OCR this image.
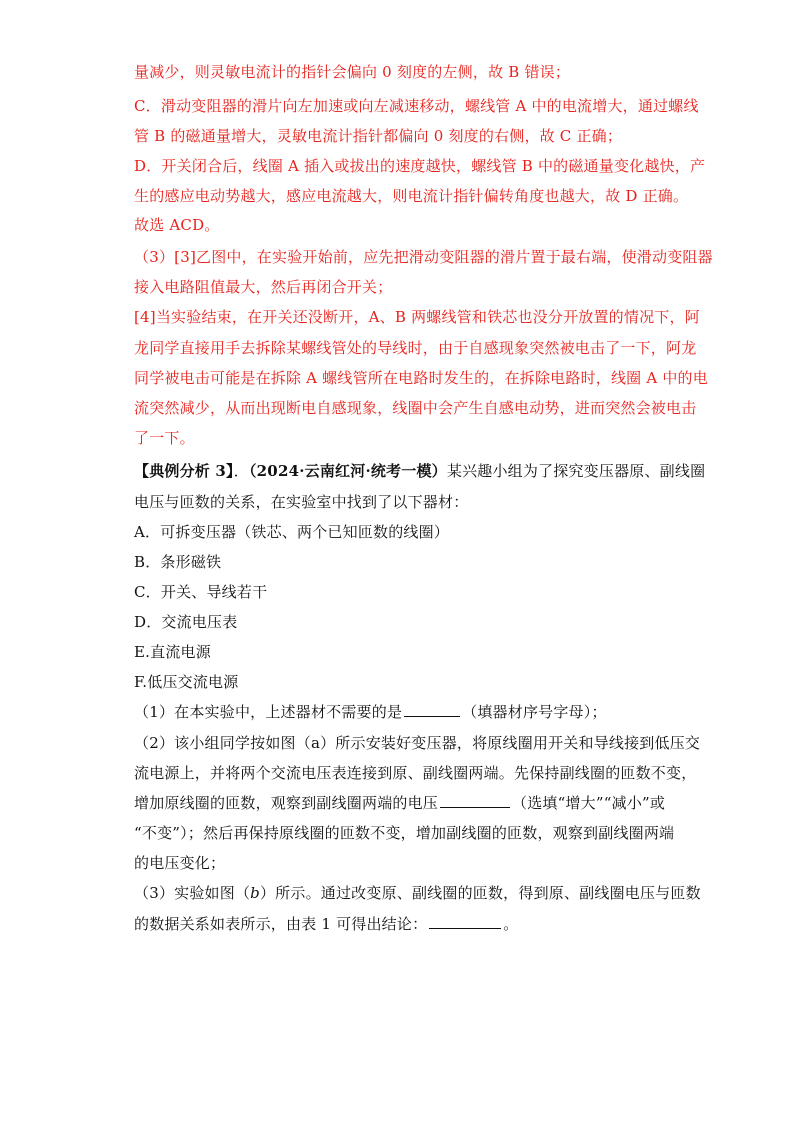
量减少，则灵敏电流计的指针会偏向 0 刻度的左侧，故 B 错误；
C．滑动变阻器的滑片向左加速或向左减速移动，螺线管 A 中的电流增大，通过螺线
管 B 的磁通量增大，灵敏电流计指针都偏向 0 刻度的右侧，故 C 正确；
D．开关闭合后，线圈 A 插入或拔出的速度越快，螺线管 B 中的磁通量变化越快，产
生的感应电动势越大，感应电流越大，则电流计指针偏转角度也越大，故 D 正确。
故选 ACD。
（3）[3]乙图中，在实验开始前，应先把滑动变阻器的滑片置于最右端，使滑动变阻器
接入电路阻值最大，然后再闭合开关；
[4]当实验结束，在开关还没断开，A、B 两螺线管和铁芯也没分开放置的情况下，阿
龙同学直接用手去拆除某螺线管处的导线时，由于自感现象突然被电击了一下，阿龙
同学被电击可能是在拆除 A 螺线管所在电路时发生的，在拆除电路时，线圈 A 中的电
流突然减少，从而出现断电自感现象，线圈中会产生自感电动势，进而突然会被电击
了一下。
【典例分析 3】．（2024·云南红河·统考一模）某兴趣小组为了探究变压器原、副线圈
电压与匝数的关系，在实验室中找到了以下器材：
A．可拆变压器（铁芯、两个已知匝数的线圈）
B．条形磁铁
C．开关、导线若干
D．交流电压表
E.直流电源
F.低压交流电源
（1）在本实验中，上述器材不需要的是	（填器材序号字母）；
（2）该小组同学按如图（a）所示安装好变压器，将原线圈用开关和导线接到低压交
流电源上，并将两个交流电压表连接到原、副线圈两端。先保持副线圈的匝数不变，
增加原线圈的匝数，观察到副线圈两端的电压	（选填“增大”“减小”或
“不变”）；然后再保持原线圈的匝数不变，增加副线圈的匝数，观察到副线圈两端
的电压变化；
（3）实验如图（b）所示。通过改变原、副线圈的匝数，得到原、副线圈电压与匝数
的数据关系如表所示，由表 1 可得出结论：	。
